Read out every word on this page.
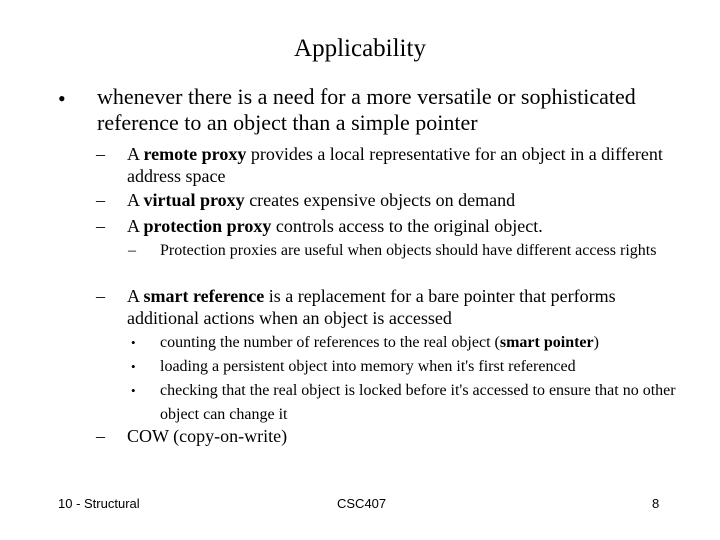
Applicability
• whenever there is a need for a more versatile or sophisticated reference to an object than a simple pointer
– A remote proxy provides a local representative for an object in a different address space
– A virtual proxy creates expensive objects on demand
– A protection proxy controls access to the original object.
– Protection proxies are useful when objects should have different access rights
– A smart reference is a replacement for a bare pointer that performs additional actions when an object is accessed
• counting the number of references to the real object (smart pointer)
• loading a persistent object into memory when it's first referenced
• checking that the real object is locked before it's accessed to ensure that no other object can change it
– COW (copy-on-write)
10 - Structural	CSC407	8
